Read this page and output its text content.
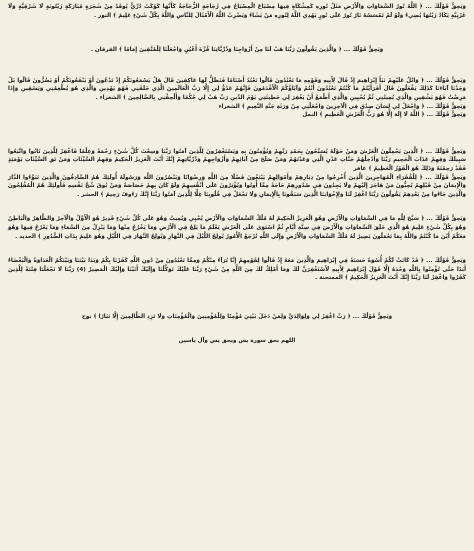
وَيَحِقُّ قَوْلُكَ ... ﴿ اللَّهُ نُورُ السَّمَاوَاتِ وَالْأَرْضِ مَثَلُ نُورِهِ كَمِشْكَاةٍ فِيهَا مِصْبَاحٌ الْمِصْبَاحُ فِي زُجَاجَةٍ الزُّجَاجَةُ كَأَنَّهَا كَوْكَبٌ دُرِّيٌّ يُوقَدُ مِنْ شَجَرَةٍ مُبَارَكَةٍ زَيْتُونَةٍ لَا شَرْقِيَّةٍ وَلَا غَرْبِيَّةٍ يَكَادُ زَيْتُهَا يُضِيءُ وَلَوْ لَمْ تَمْسَسْهُ نَارٌ نُورٌ عَلَى نُورٍ يَهْدِي اللَّهُ لِنُورِهِ مَنْ يَشَاءُ وَيَضْرِبُ اللَّهُ الْأَمْثَالَ لِلنَّاسِ وَاللَّهُ بِكُلِّ شَيْءٍ عَلِيمٌ ﴾ النور .

وَيَحِقُّ قَوْلُكَ ... ﴿ وَالَّذِينَ يَقُولُونَ رَبَّنَا هَبْ لَنَا مِنْ أَزْوَاجِنَا وَذُرِّيَّاتِنَا قُرَّةَ أَعْيُنٍ وَاجْعَلْنَا لِلْمُتَّقِينَ إِمَامًا ﴾ الفرقان .

وَيَحِقُّ قَوْلُكَ ... ﴿ وَاتْلُ عَلَيْهِمْ نَبَأَ إِبْرَاهِيمَ إِذْ قَالَ لِأَبِيهِ وَقَوْمِهِ مَا تَعْبُدُونَ قَالُوا نَعْبُدُ أَصْنَامًا فَنَظَلُّ لَهَا عَاكِفِينَ قَالَ هَلْ يَسْمَعُونَكُمْ إِذْ تَدْعُونَ أَوْ يَنْفَعُونَكُمْ أَوْ يَضُرُّونَ قَالُوا بَلْ وَجَدْنَا آبَاءَنَا كَذَلِكَ يَفْعَلُونَ قَالَ أَفَرَأَيْتُمْ مَا كُنْتُمْ تَعْبُدُونَ أَنْتُمْ وَآبَاؤُكُمُ الْأَقْدَمُونَ فَإِنَّهُمْ عَدُوٌّ لِي إِلَّا رَبَّ الْعَالَمِينَ الَّذِي خَلَقَنِي فَهُوَ يَهْدِينِ وَالَّذِي هُوَ يُطْعِمُنِي وَيَسْقِينِ وَإِذَا مَرِضْتُ فَهُوَ يَشْفِينِ وَالَّذِي يُمِيتُنِي ثُمَّ يُحْيِينِ وَالَّذِي أَطْمَعُ أَنْ يَغْفِرَ لِي خَطِيئَتِي يَوْمَ الدِّينِ رَبِّ هَبْ لِي حُكْمًا وَأَلْحِقْنِي بِالصَّالِحِينَ ﴾ الشعراء .

وَيَحِقُّ قَوْلُكَ ... ﴿ وَاجْعَلْ لِي لِسَانَ صِدْقٍ فِي الْآخِرِينَ وَاجْعَلْنِي مِنْ وَرَثَةِ جَنَّةِ النَّعِيمِ ﴾ الشعراء

وَيَحِقُّ قَوْلُكَ ... ﴿ اللَّهُ لَا إِلَهَ إِلَّا هُوَ رَبُّ الْعَرْشِ الْعَظِيمِ ﴾ النمل

وَيَحِقُّ قَوْلُكَ ... ﴿ الَّذِينَ يَحْمِلُونَ الْعَرْشَ وَمَنْ حَوْلَهُ يُسَبِّحُونَ بِحَمْدِ رَبِّهِمْ وَيُؤْمِنُونَ بِهِ وَيَسْتَغْفِرُونَ لِلَّذِينَ آمَنُوا رَبَّنَا وَسِعْتَ كُلَّ شَيْءٍ رَحْمَةً وَعِلْمًا فَاغْفِرْ لِلَّذِينَ تَابُوا وَاتَّبَعُوا سَبِيلَكَ وَقِهِمْ عَذَابَ الْجَحِيمِ رَبَّنَا وَأَدْخِلْهُمْ جَنَّاتِ عَدْنٍ الَّتِي وَعَدْتَهُمْ وَمَنْ صَلَحَ مِنْ آبَائِهِمْ وَأَزْوَاجِهِمْ وَذُرِّيَّاتِهِمْ إِنَّكَ أَنْتَ الْعَزِيزُ الْحَكِيمُ وَقِهِمُ السَّيِّئَاتِ وَمَنْ تَقِ السَّيِّئَاتِ يَوْمَئِذٍ فَقَدْ رَحِمْتَهُ وَذَلِكَ هُوَ الْفَوْزُ الْعَظِيمُ ﴾ غافر

وَيَحِقُّ قَوْلُكَ ... ﴿ لِلْفُقَرَاءِ الْمُهَاجِرِينَ الَّذِينَ أُخْرِجُوا مِنْ دِيَارِهِمْ وَأَمْوَالِهِمْ يَبْتَغُونَ فَضْلًا مِنَ اللَّهِ وَرِضْوَانًا وَيَنْصُرُونَ اللَّهَ وَرَسُولَهُ أُولَئِكَ هُمُ الصَّادِقُونَ وَالَّذِينَ تَبَوَّءُوا الدَّارَ وَالْإِيمَانَ مِنْ قَبْلِهِمْ يُحِبُّونَ مَنْ هَاجَرَ إِلَيْهِمْ وَلَا يَجِدُونَ فِي صُدُورِهِمْ حَاجَةً مِمَّا أُوتُوا وَيُؤْثِرُونَ عَلَى أَنْفُسِهِمْ وَلَوْ كَانَ بِهِمْ خَصَاصَةٌ وَمَنْ يُوقَ شُحَّ نَفْسِهِ فَأُولَئِكَ هُمُ الْمُفْلِحُونَ وَالَّذِينَ جَاءُوا مِنْ بَعْدِهِمْ يَقُولُونَ رَبَّنَا اغْفِرْ لَنَا وَلِإِخْوَانِنَا الَّذِينَ سَبَقُونَا بِالْإِيمَانِ وَلَا تَجْعَلْ فِي قُلُوبِنَا غِلًّا لِلَّذِينَ آمَنُوا رَبَّنَا إِنَّكَ رَءُوفٌ رَحِيمٌ ﴾ الحشر .

وَيَحِقُّ قَوْلُكَ ... ﴿ سَبَّحَ لِلَّهِ مَا فِي السَّمَاوَاتِ وَالْأَرْضِ وَهُوَ الْعَزِيزُ الْحَكِيمُ لَهُ مُلْكُ السَّمَاوَاتِ وَالْأَرْضِ يُحْيِي وَيُمِيتُ وَهُوَ عَلَى كُلِّ شَيْءٍ قَدِيرٌ هُوَ الْأَوَّلُ وَالْآخِرُ وَالظَّاهِرُ وَالْبَاطِنُ وَهُوَ بِكُلِّ شَيْءٍ عَلِيمٌ هُوَ الَّذِي خَلَقَ السَّمَاوَاتِ وَالْأَرْضَ فِي سِتَّةِ أَيَّامٍ ثُمَّ اسْتَوَى عَلَى الْعَرْشِ يَعْلَمُ مَا يَلِجُ فِي الْأَرْضِ وَمَا يَخْرُجُ مِنْهَا وَمَا يَنْزِلُ مِنَ السَّمَاءِ وَمَا يَعْرُجُ فِيهَا وَهُوَ مَعَكُمْ أَيْنَ مَا كُنْتُمْ وَاللَّهُ بِمَا تَعْمَلُونَ بَصِيرٌ لَهُ مُلْكُ السَّمَاوَاتِ وَالْأَرْضِ وَإِلَى اللَّهِ تُرْجَعُ الْأُمُورُ يُولِجُ اللَّيْلَ فِي النَّهَارِ وَيُولِجُ النَّهَارَ فِي اللَّيْلِ وَهُوَ عَلِيمٌ بِذَاتِ الصُّدُورِ ﴾ الحديد .

وَيَحِقُّ قَوْلُكَ ... ﴿ قَدْ كَانَتْ لَكُمْ أُسْوَةٌ حَسَنَةٌ فِي إِبْرَاهِيمَ وَالَّذِينَ مَعَهُ إِذْ قَالُوا لِقَوْمِهِمْ إِنَّا بُرَآءُ مِنْكُمْ وَمِمَّا تَعْبُدُونَ مِنْ دُونِ اللَّهِ كَفَرْنَا بِكُمْ وَبَدَا بَيْنَنَا وَبَيْنَكُمُ الْعَدَاوَةُ وَالْبَغْضَاءُ أَبَدًا حَتَّى تُؤْمِنُوا بِاللَّهِ وَحْدَهُ إِلَّا قَوْلَ إِبْرَاهِيمَ لِأَبِيهِ لَأَسْتَغْفِرَنَّ لَكَ وَمَا أَمْلِكُ لَكَ مِنَ اللَّهِ مِنْ شَيْءٍ رَبَّنَا عَلَيْكَ تَوَكَّلْنَا وَإِلَيْكَ أَنَبْنَا وَإِلَيْكَ الْمَصِيرُ (4) رَبَّنَا لَا تَجْعَلْنَا فِتْنَةً لِلَّذِينَ كَفَرُوا وَاغْفِرْ لَنَا رَبَّنَا إِنَّكَ أَنْتَ الْعَزِيزُ الْحَكِيمُ ﴾ الممتحنة .

وَيَحِقُّ قَوْلُكَ ... ﴿ رَبِّ اغْفِرْ لِي وَلِوَالِدَيَّ وَلِمَنْ دَخَلَ بَيْتِيَ مُؤْمِنًا وَلِلْمُؤْمِنِينَ وَالْمُؤْمِنَاتِ وَلَا تَزِدِ الظَّالِمِينَ إِلَّا تَبَارًا ﴾ نوح

اللهم بحق سورة يس وبحق يس وآل ياسين
